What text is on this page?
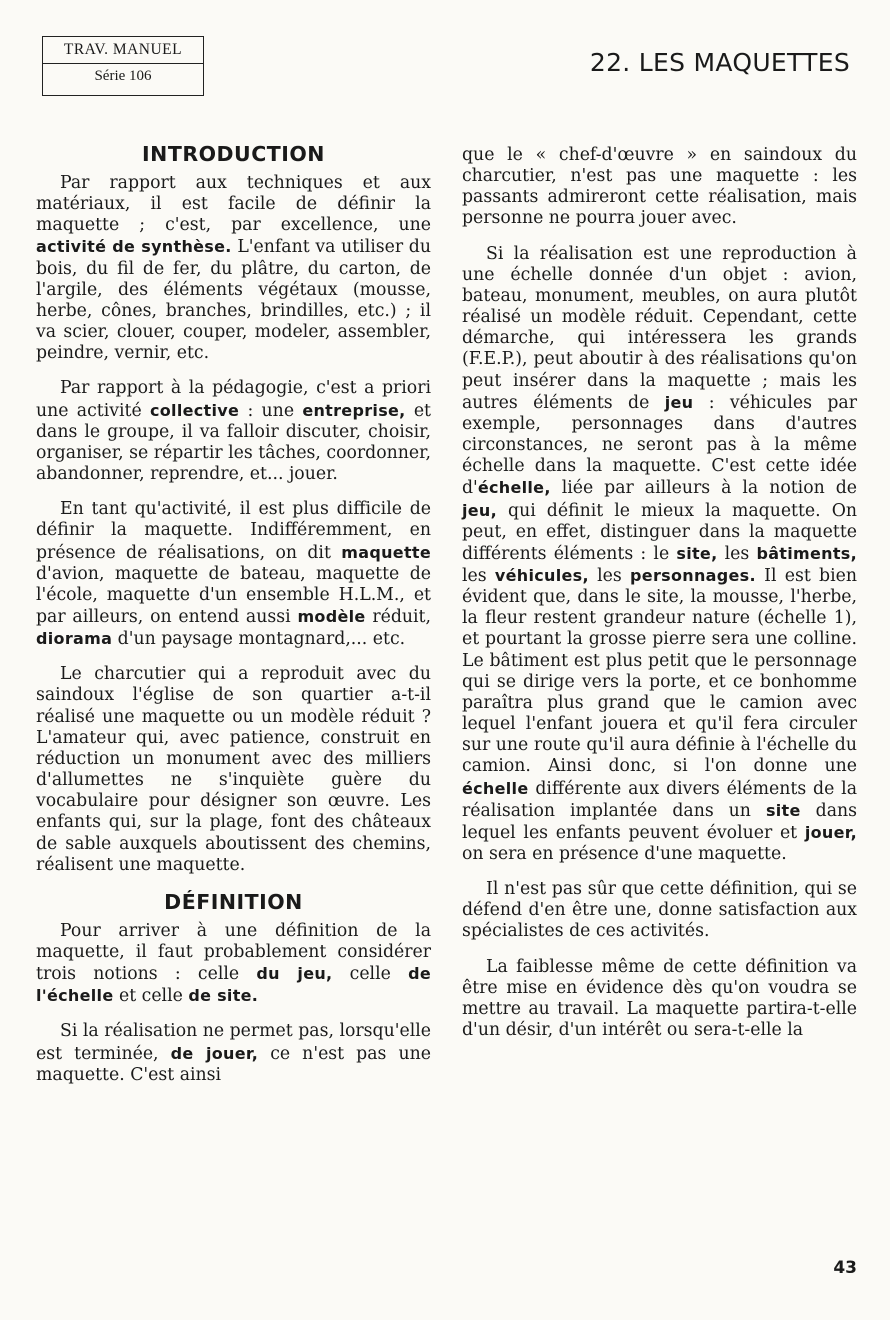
TRAV. MANUEL
Série 106	22. LES MAQUETTES
INTRODUCTION

Par rapport aux techniques et aux matériaux, il est facile de définir la maquette ; c'est, par excellence, une activité de synthèse. L'enfant va utiliser du bois, du fil de fer, du plâtre, du carton, de l'argile, des éléments végétaux (mousse, herbe, cônes, branches, brindilles, etc.) ; il va scier, clouer, couper, modeler, assembler, peindre, vernir, etc.

Par rapport à la pédagogie, c'est a priori une activité collective : une entreprise, et dans le groupe, il va falloir discuter, choisir, organiser, se répartir les tâches, coordonner, abandonner, reprendre, et... jouer.

En tant qu'activité, il est plus difficile de définir la maquette. Indifféremment, en présence de réalisations, on dit maquette d'avion, maquette de bateau, maquette de l'école, maquette d'un ensemble H.L.M., et par ailleurs, on entend aussi modèle réduit, diorama d'un paysage montagnard,... etc.

Le charcutier qui a reproduit avec du saindoux l'église de son quartier a-t-il réalisé une maquette ou un modèle réduit ? L'amateur qui, avec patience, construit en réduction un monument avec des milliers d'allumettes ne s'inquiète guère du vocabulaire pour désigner son œuvre. Les enfants qui, sur la plage, font des châteaux de sable auxquels aboutissent des chemins, réalisent une maquette.

DÉFINITION

Pour arriver à une définition de la maquette, il faut probablement considérer trois notions : celle du jeu, celle de l'échelle et celle de site.

Si la réalisation ne permet pas, lorsqu'elle est terminée, de jouer, ce n'est pas une maquette. C'est ainsi

que le « chef-d'œuvre » en saindoux du charcutier, n'est pas une maquette : les passants admireront cette réalisation, mais personne ne pourra jouer avec.

Si la réalisation est une reproduction à une échelle donnée d'un objet : avion, bateau, monument, meubles, on aura plutôt réalisé un modèle réduit. Cependant, cette démarche, qui intéressera les grands (F.E.P.), peut aboutir à des réalisations qu'on peut insérer dans la maquette ; mais les autres éléments de jeu : véhicules par exemple, personnages dans d'autres circonstances, ne seront pas à la même échelle dans la maquette. C'est cette idée d'échelle, liée par ailleurs à la notion de jeu, qui définit le mieux la maquette. On peut, en effet, distinguer dans la maquette différents éléments : le site, les bâtiments, les véhicules, les personnages. Il est bien évident que, dans le site, la mousse, l'herbe, la fleur restent grandeur nature (échelle 1), et pourtant la grosse pierre sera une colline. Le bâtiment est plus petit que le personnage qui se dirige vers la porte, et ce bonhomme paraîtra plus grand que le camion avec lequel l'enfant jouera et qu'il fera circuler sur une route qu'il aura définie à l'échelle du camion. Ainsi donc, si l'on donne une échelle différente aux divers éléments de la réalisation implantée dans un site dans lequel les enfants peuvent évoluer et jouer, on sera en présence d'une maquette.

Il n'est pas sûr que cette définition, qui se défend d'en être une, donne satisfaction aux spécialistes de ces activités.

La faiblesse même de cette définition va être mise en évidence dès qu'on voudra se mettre au travail. La maquette partira-t-elle d'un désir, d'un intérêt ou sera-t-elle la

43
